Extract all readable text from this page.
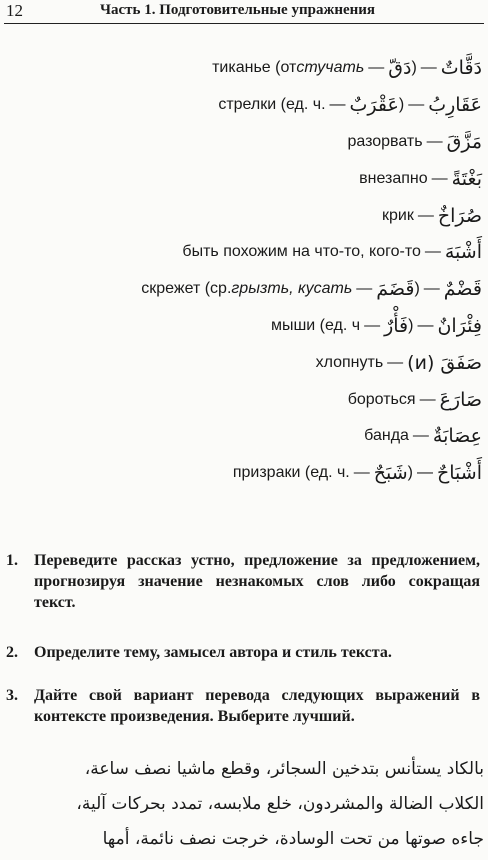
12	Часть 1. Подготовительные упражнения
тиканье (от стучать — دَقّ ) — دَقَّاتٌ
стрелки (ед. ч. — عَقْرَبٌ ) — عَقَارِبُ
разорвать — مَزَّقَ
внезапно — بَغْتَةً
крик — صُرَاخٌ
быть похожим на что-то, кого-то — أَشْبَهَ
скрежет (ср. грызть, кусать — قَضَمَ ) — قَضْمٌ
мыши (ед. ч — فَأْرٌ ) — فِئْرَانٌ
хлопнуть — صَفَقَ (и)
бороться — صَارَعَ
банда — عِصَابَةٌ
призраки (ед. ч. — شَبَحٌ ) — أَشْبَاحٌ
1. Переведите рассказ устно, предложение за предложением, прогнозируя значение незнакомых слов либо сокращая текст.
2. Определите тему, замысел автора и стиль текста.
3. Дайте свой вариант перевода следующих выражений в контексте произведения. Выберите лучший.
بالكاد يستأنس بتدخين السجائر، وقطع ماشيا نصف ساعة،
الكلاب الضالة والمشردون، خلع ملابسه، تمدد بحركات آلية،
جاءه صوتها من تحت الوسادة، خرجت نصف نائمة، أمها
